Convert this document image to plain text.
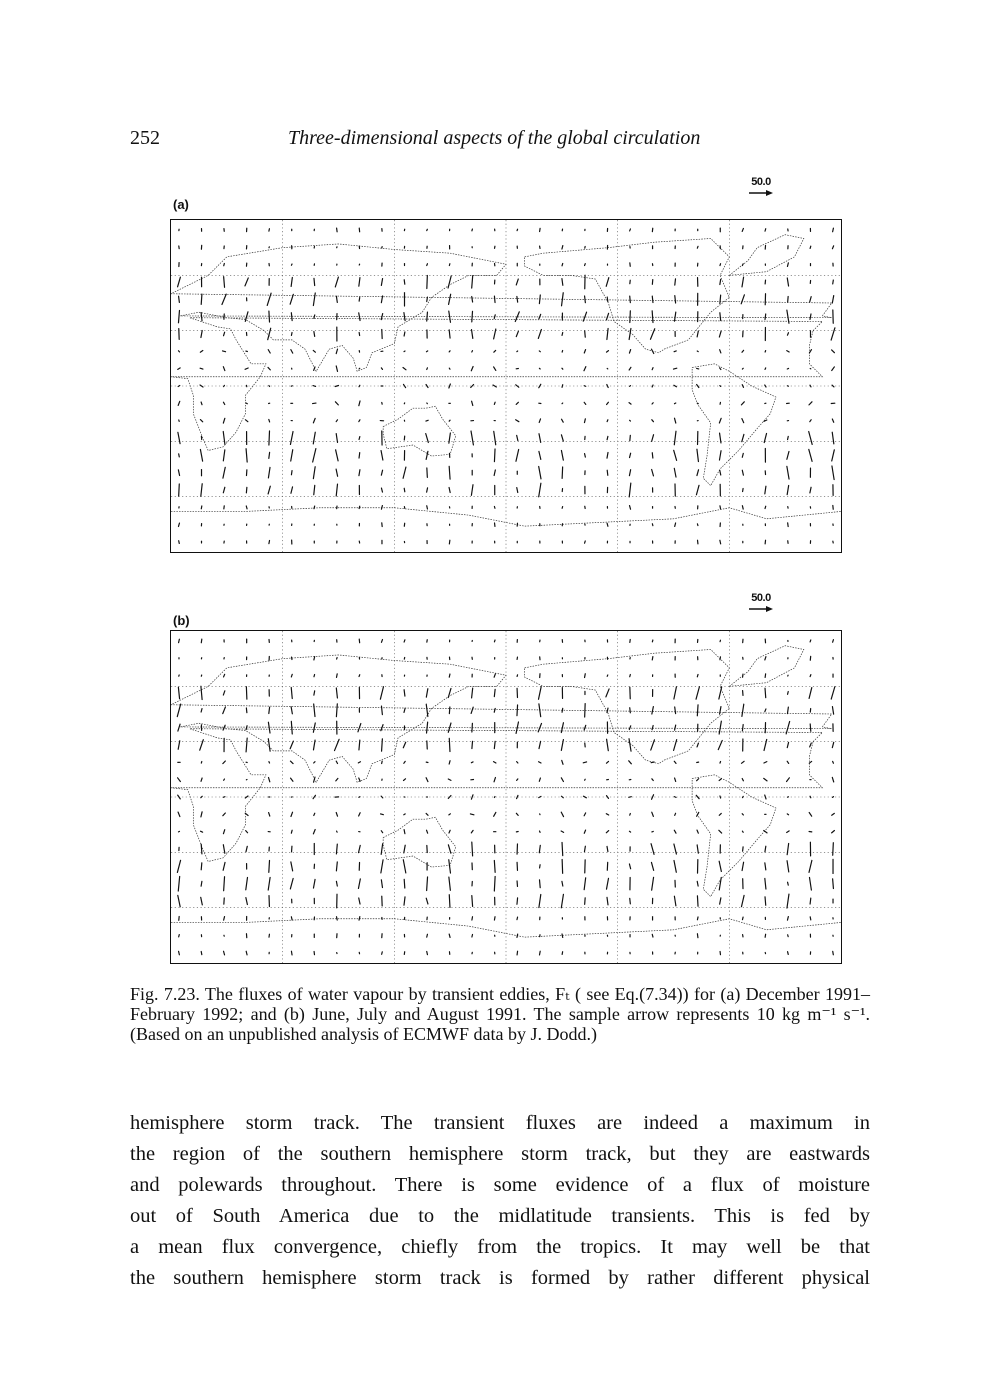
252	Three-dimensional aspects of the global circulation
(a)
50.0
(b)
50.0
Fig. 7.23. The fluxes of water vapour by transient eddies, Fₜ ( see Eq.(7.34)) for (a) December 1991–February 1992; and (b) June, July and August 1991. The sample arrow represents 10 kg m⁻¹ s⁻¹. (Based on an unpublished analysis of ECMWF data by J. Dodd.)
hemisphere storm track. The transient fluxes are indeed a maximum in
the region of the southern hemisphere storm track, but they are eastwards
and polewards throughout. There is some evidence of a flux of moisture
out of South America due to the midlatitude transients. This is fed by
a mean flux convergence, chiefly from the tropics. It may well be that
the southern hemisphere storm track is formed by rather different physical
